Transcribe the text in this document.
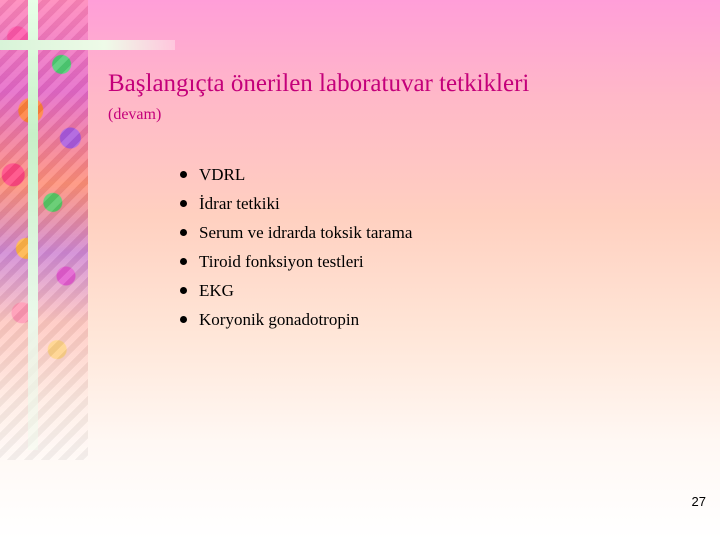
Başlangıçta önerilen laboratuvar tetkikleri
(devam)
VDRL
İdrar tetkiki
Serum ve idrarda toksik tarama
Tiroid fonksiyon testleri
EKG
Koryonik gonadotropin
27
